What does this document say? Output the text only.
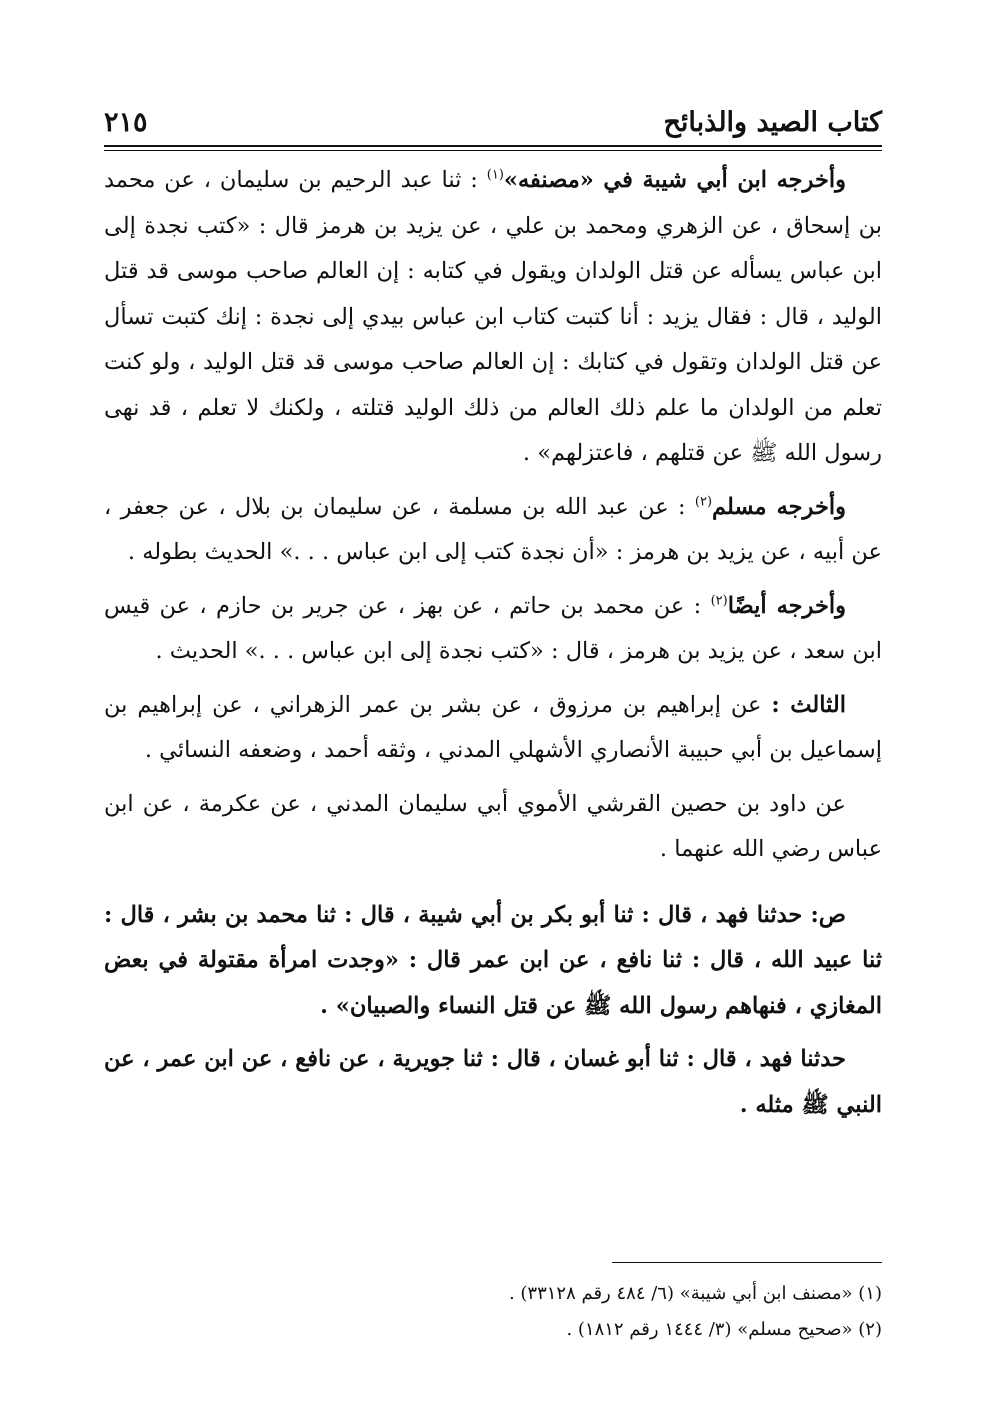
كتاب الصيد والذبائح
٢١٥

وأخرجه ابن أبي شيبة في «مصنفه»$^{(١)}$ : ثنا عبد الرحيم بن سليمان ، عن محمد بن إسحاق ، عن الزهري ومحمد بن علي ، عن يزيد بن هرمز قال : «كتب نجدة إلى ابن عباس يسأله عن قتل الولدان ويقول في كتابه : إن العالم صاحب موسى قد قتل الوليد ، قال : فقال يزيد : أنا كتبت كتاب ابن عباس بيدي إلى نجدة : إنك كتبت تسأل عن قتل الولدان وتقول في كتابك : إن العالم صاحب موسى قد قتل الوليد ، ولو كنت تعلم من الولدان ما علم ذلك العالم من ذلك الوليد قتلته ، ولكنك لا تعلم ، قد نهى رسول الله ﷺ عن قتلهم ، فاعتزلهم» .

وأخرجه مسلم$^{(٢)}$ : عن عبد الله بن مسلمة ، عن سليمان بن بلال ، عن جعفر ، عن أبيه ، عن يزيد بن هرمز : «أن نجدة كتب إلى ابن عباس . . .» الحديث بطوله .

وأخرجه أيضًا$^{(٢)}$ : عن محمد بن حاتم ، عن بهز ، عن جرير بن حازم ، عن قيس ابن سعد ، عن يزيد بن هرمز ، قال : «كتب نجدة إلى ابن عباس . . .» الحديث .

الثالث : عن إبراهيم بن مرزوق ، عن بشر بن عمر الزهراني ، عن إبراهيم بن إسماعيل بن أبي حبيبة الأنصاري الأشهلي المدني ، وثقه أحمد ، وضعفه النسائي .

عن داود بن حصين القرشي الأموي أبي سليمان المدني ، عن عكرمة ، عن ابن عباس رضي الله عنهما .

ص: حدثنا فهد ، قال : ثنا أبو بكر بن أبي شيبة ، قال : ثنا محمد بن بشر ، قال : ثنا عبيد الله ، قال : ثنا نافع ، عن ابن عمر قال : «وجدت امرأة مقتولة في بعض المغازي ، فنهاهم رسول الله ﷺ عن قتل النساء والصبيان» .

حدثنا فهد ، قال : ثنا أبو غسان ، قال : ثنا جويرية ، عن نافع ، عن ابن عمر ، عن النبي ﷺ مثله .

(١) «مصنف ابن أبي شيبة» (٦/ ٤٨٤ رقم ٣٣١٢٨) .
(٢) «صحيح مسلم» (٣/ ١٤٤٤ رقم ١٨١٢) .
